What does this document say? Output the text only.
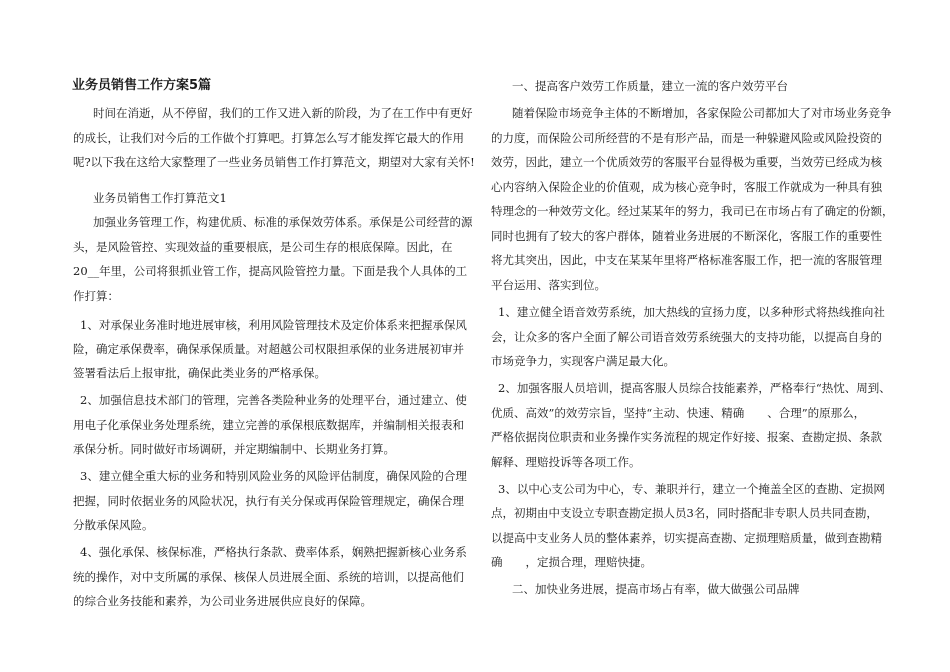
业务员销售工作方案5篇
时间在消逝，从不停留，我们的工作又进入新的阶段，为了在工作中有更好
的成长，让我们对今后的工作做个打算吧。打算怎么写才能发挥它最大的作用
呢?以下我在这给大家整理了一些业务员销售工作打算范文，期望对大家有关怀!
业务员销售工作打算范文1
加强业务管理工作，构建优质、标准的承保效劳体系。承保是公司经营的源
头，是风险管控、实现效益的重要根底，是公司生存的根底保障。因此，在
20__年里，公司将狠抓业管工作，提高风险管控力量。下面是我个人具体的工
作打算：
1、对承保业务准时地进展审核，利用风险管理技术及定价体系来把握承保风
险，确定承保费率，确保承保质量。对超越公司权限担承保的业务进展初审并
签署看法后上报审批，确保此类业务的严格承保。
2、加强信息技术部门的管理，完善各类险种业务的处理平台，通过建立、使
用电子化承保业务处理系统，建立完善的承保根底数据库，并编制相关报表和
承保分析。同时做好市场调研，并定期编制中、长期业务打算。
3、建立健全重大标的业务和特别风险业务的风险评估制度，确保风险的合理
把握，同时依据业务的风险状况，执行有关分保或再保险管理规定，确保合理
分散承保风险。
4、强化承保、核保标准，严格执行条款、费率体系，娴熟把握新核心业务系
统的操作，对中支所属的承保、核保人员进展全面、系统的培训，以提高他们
的综合业务技能和素养，为公司业务进展供应良好的保障。
一、提高客户效劳工作质量，建立一流的客户效劳平台
随着保险市场竞争主体的不断增加，各家保险公司都加大了对市场业务竞争
的力度，而保险公司所经营的不是有形产品，而是一种躲避风险或风险投资的
效劳，因此，建立一个优质效劳的客服平台显得极为重要，当效劳已经成为核
心内容纳入保险企业的价值观，成为核心竞争时，客服工作就成为一种具有独
特理念的一种效劳文化。经过某某年的努力，我司已在市场占有了确定的份额，
同时也拥有了较大的客户群体，随着业务进展的不断深化，客服工作的重要性
将尤其突出，因此，中支在某某年里将严格标准客服工作，把一流的客服管理
平台运用、落实到位。
1、建立健全语音效劳系统，加大热线的宣扬力度，以多种形式将热线推向社
会，让众多的客户全面了解公司语音效劳系统强大的支持功能，以提高自身的
市场竞争力，实现客户满足最大化。
2、加强客服人员培训，提高客服人员综合技能素养，严格奉行“热忱、周到、
优质、高效”的效劳宗旨，坚持“主动、快速、精确　　、合理”的原那么，
严格依据岗位职责和业务操作实务流程的规定作好接、报案、查勘定损、条款
解释、理赔投诉等各项工作。
3、以中心支公司为中心，专、兼职并行，建立一个掩盖全区的查勘、定损网
点，初期由中支设立专职查勘定损人员3名，同时搭配非专职人员共同查勘，
以提高中支业务人员的整体素养，切实提高查勘、定损理赔质量，做到查勘精
确　　，定损合理，理赔快捷。
二、加快业务进展，提高市场占有率，做大做强公司品牌
